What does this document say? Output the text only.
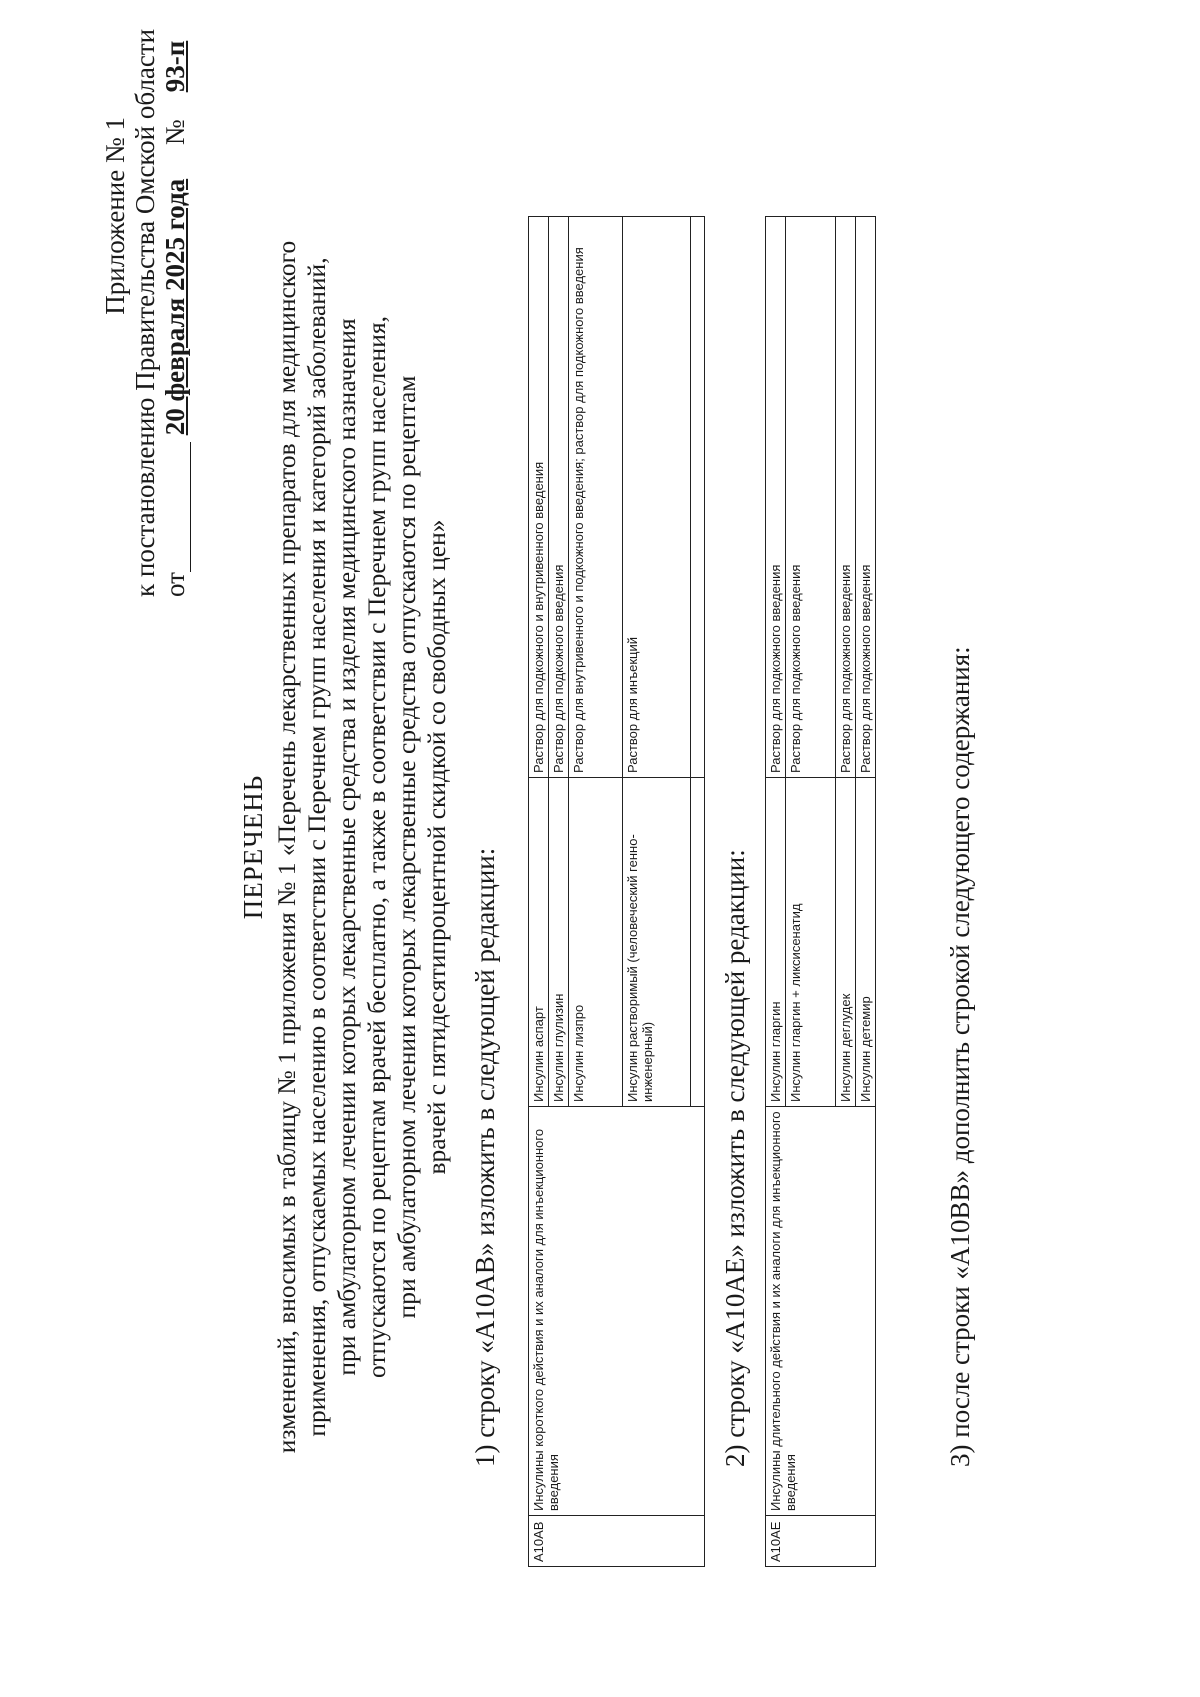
Приложение № 1 к постановлению Правительства Омской области от
20 февраля 2025 года     №    93-п
ПЕРЕЧЕНЬ изменений, вносимых в таблицу № 1 приложения № 1 «Перечень лекарственных препаратов для медицинского применения, отпускаемых населению в соответствии с Перечнем групп населения и категорий заболеваний, при амбулаторном лечении которых лекарственные средства и изделия медицинского назначения отпускаются по рецептам врачей бесплатно, а также в соответствии с Перечнем групп населения, при амбулаторном лечении которых лекарственные средства отпускаются по рецептам врачей с пятидесятипроцентной скидкой со свободных цен» 1) строку «A10AB» изложить в следующей редакции:
A10AB	Инсулины короткого действия и их аналоги для инъекционного введения	Инсулин аспарт	Раствор для подкожного и внутривенного введения
		Инсулин глулизин	Раствор для подкожного введения
		Инсулин лизпро	Раствор для внутривенного и подкожного введения; раствор для подкожного введения
		Инсулин растворимый (человеческий генно-инженерный)	Раствор для инъекций

2) строку «A10AE» изложить в следующей редакции:
A10AE	Инсулины длительного действия и их аналоги для инъекционного введения	Инсулин гларгин	Раствор для подкожного введения
		Инсулин гларгин + ликсисенатид	Раствор для подкожного введения
		Инсулин деглудек	Раствор для подкожного введения
		Инсулин детемир	Раствор для подкожного введения	3) после строки «A10BB» дополнить строкой следующего содержания:
